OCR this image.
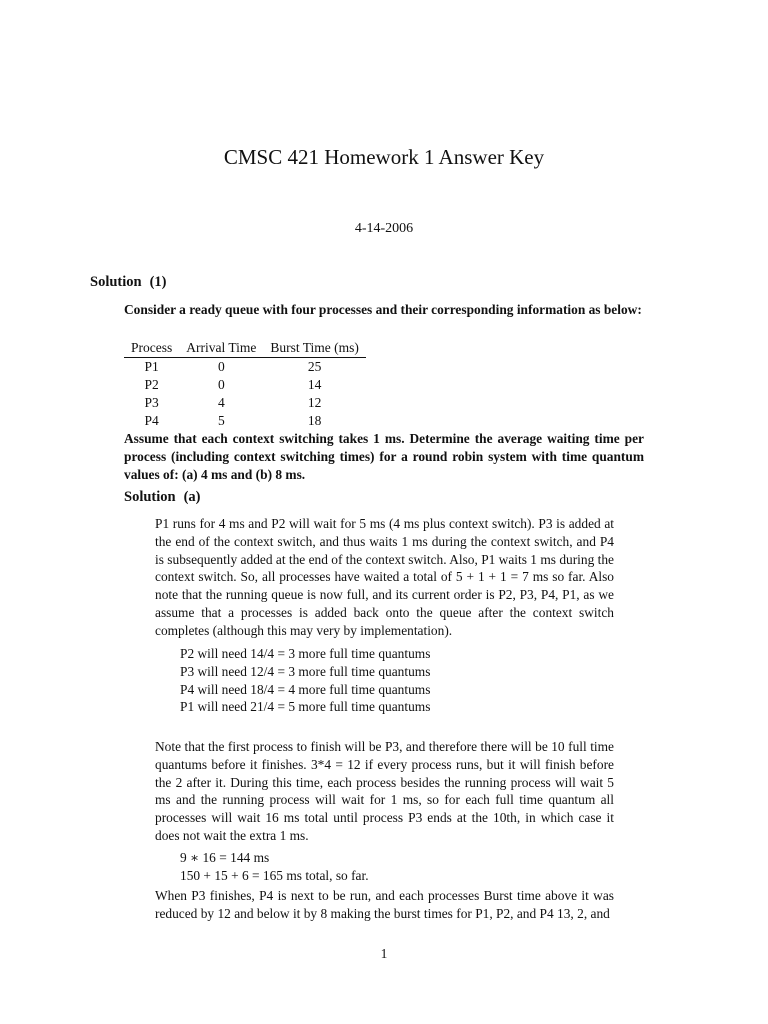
CMSC 421 Homework 1 Answer Key
4-14-2006
Solution (1)
Consider a ready queue with four processes and their corresponding information as below:
Process	Arrival Time	Burst Time (ms)
P1	0	25
P2	0	14
P3	4	12
P4	5	18
Assume that each context switching takes 1 ms. Determine the average waiting time per process (including context switching times) for a round robin system with time quantum values of: (a) 4 ms and (b) 8 ms.
Solution (a)

P1 runs for 4 ms and P2 will wait for 5 ms (4 ms plus context switch). P3 is added at the end of the context switch, and thus waits 1 ms during the context switch, and P4 is subsequently added at the end of the context switch. Also, P1 waits 1 ms during the context switch. So, all processes have waited a total of 5 + 1 + 1 = 7 ms so far. Also note that the running queue is now full, and its current order is P2, P3, P4, P1, as we assume that a processes is added back onto the queue after the context switch completes (although this may very by implementation).

P2 will need 14/4 = 3 more full time quantums
P3 will need 12/4 = 3 more full time quantums
P4 will need 18/4 = 4 more full time quantums
P1 will need 21/4 = 5 more full time quantums

Note that the first process to finish will be P3, and therefore there will be 10 full time quantums before it finishes. 3*4 = 12 if every process runs, but it will finish before the 2 after it. During this time, each process besides the running process will wait 5 ms and the running process will wait for 1 ms, so for each full time quantum all processes will wait 16 ms total until process P3 ends at the 10th, in which case it does not wait the extra 1 ms.

9 ∗ 16 = 144 ms
150 + 15 + 6 = 165 ms total, so far.

When P3 finishes, P4 is next to be run, and each processes Burst time above it was reduced by 12 and below it by 8 making the burst times for P1, P2, and P4 13, 2, and

1
